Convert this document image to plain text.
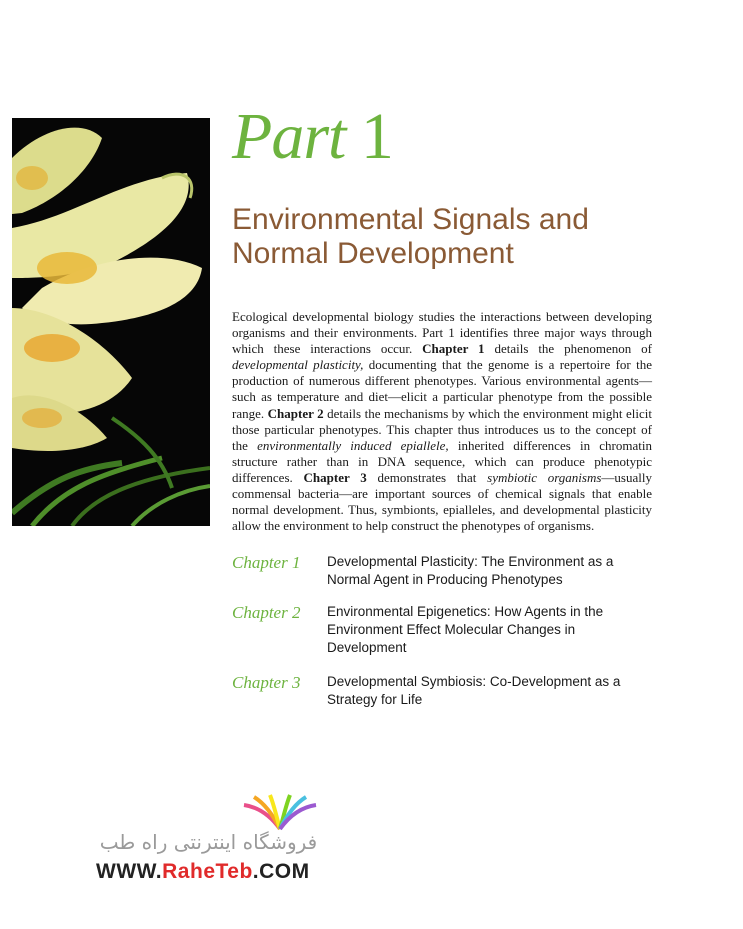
Part 1
Environmental Signals and
Normal Development

Ecological developmental biology studies the interactions between developing organisms and their environments. Part 1 identifies three major ways through which these interactions occur. Chapter 1 details the phenomenon of developmental plasticity, documenting that the genome is a repertoire for the production of numerous different phenotypes. Various environmental agents—such as temperature and diet—elicit a particular phenotype from the possible range. Chapter 2 details the mechanisms by which the environment might elicit those particular phenotypes. This chapter thus introduces us to the concept of the environmentally induced epiallele, inherited differences in chromatin structure rather than in DNA sequence, which can produce phenotypic differences. Chapter 3 demonstrates that symbiotic organisms—usually commensal bacteria—are important sources of chemical signals that enable normal development. Thus, symbionts, epialleles, and developmental plasticity allow the environment to help construct the phenotypes of organisms.

Chapter 1	Developmental Plasticity: The Environment as a Normal Agent in Producing Phenotypes
Chapter 2	Environmental Epigenetics: How Agents in the Environment Effect Molecular Changes in Development
Chapter 3	Developmental Symbiosis: Co-Development as a Strategy for Life
فروشگاه اینترنتی راه طب
WWW.RaheTeb.COM
